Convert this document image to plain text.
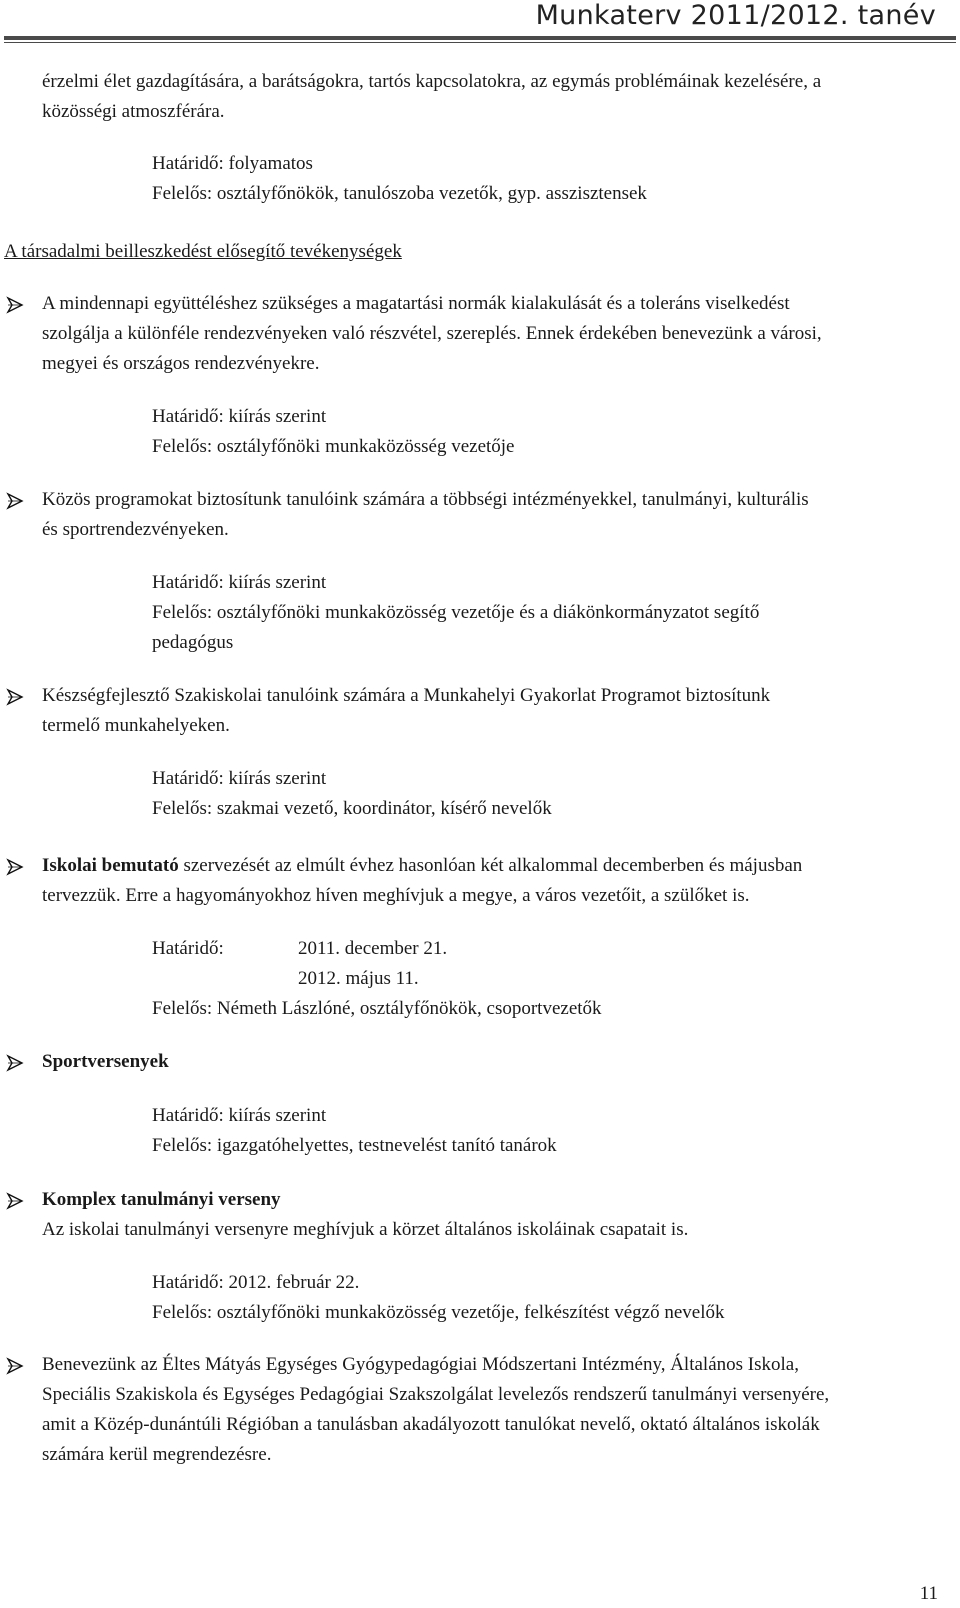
Munkaterv 2011/2012. tanév
érzelmi élet gazdagítására, a barátságokra, tartós kapcsolatokra, az egymás problémáinak kezelésére, a
közösségi atmoszférára.
Határidő: folyamatos
Felelős: osztályfőnökök, tanulószoba vezetők, gyp. asszisztensek
A társadalmi beilleszkedést elősegítő tevékenységek
A mindennapi együttéléshez szükséges a magatartási normák kialakulását és a toleráns viselkedést
szolgálja a különféle rendezvényeken való részvétel, szereplés. Ennek érdekében benevezünk a városi,
megyei és országos rendezvényekre.
Határidő: kiírás szerint
Felelős: osztályfőnöki munkaközösség vezetője
Közös programokat biztosítunk tanulóink számára a többségi intézményekkel, tanulmányi, kulturális
és sportrendezvényeken.
Határidő: kiírás szerint
Felelős: osztályfőnöki munkaközösség vezetője és a diákönkormányzatot segítő
pedagógus
Készségfejlesztő Szakiskolai tanulóink számára a Munkahelyi Gyakorlat Programot biztosítunk
termelő munkahelyeken.
Határidő: kiírás szerint
Felelős: szakmai vezető, koordinátor, kísérő nevelők
Iskolai bemutató szervezését az elmúlt évhez hasonlóan két alkalommal decemberben és májusban
tervezzük. Erre a hagyományokhoz híven meghívjuk a megye, a város vezetőit, a szülőket is.
Határidő:	2011. december 21.
2012. május 11.
Felelős: Németh Lászlóné, osztályfőnökök, csoportvezetők
Sportversenyek
Határidő: kiírás szerint
Felelős: igazgatóhelyettes, testnevelést tanító tanárok
Komplex tanulmányi verseny
Az iskolai tanulmányi versenyre meghívjuk a körzet általános iskoláinak csapatait is.
Határidő: 2012. február 22.
Felelős: osztályfőnöki munkaközösség vezetője, felkészítést végző nevelők
Benevezünk az Éltes Mátyás Egységes Gyógypedagógiai Módszertani Intézmény, Általános Iskola,
Speciális Szakiskola és Egységes Pedagógiai Szakszolgálat levelezős rendszerű tanulmányi versenyére,
amit a Közép-dunántúli Régióban a tanulásban akadályozott tanulókat nevelő, oktató általános iskolák
számára kerül megrendezésre.
11
